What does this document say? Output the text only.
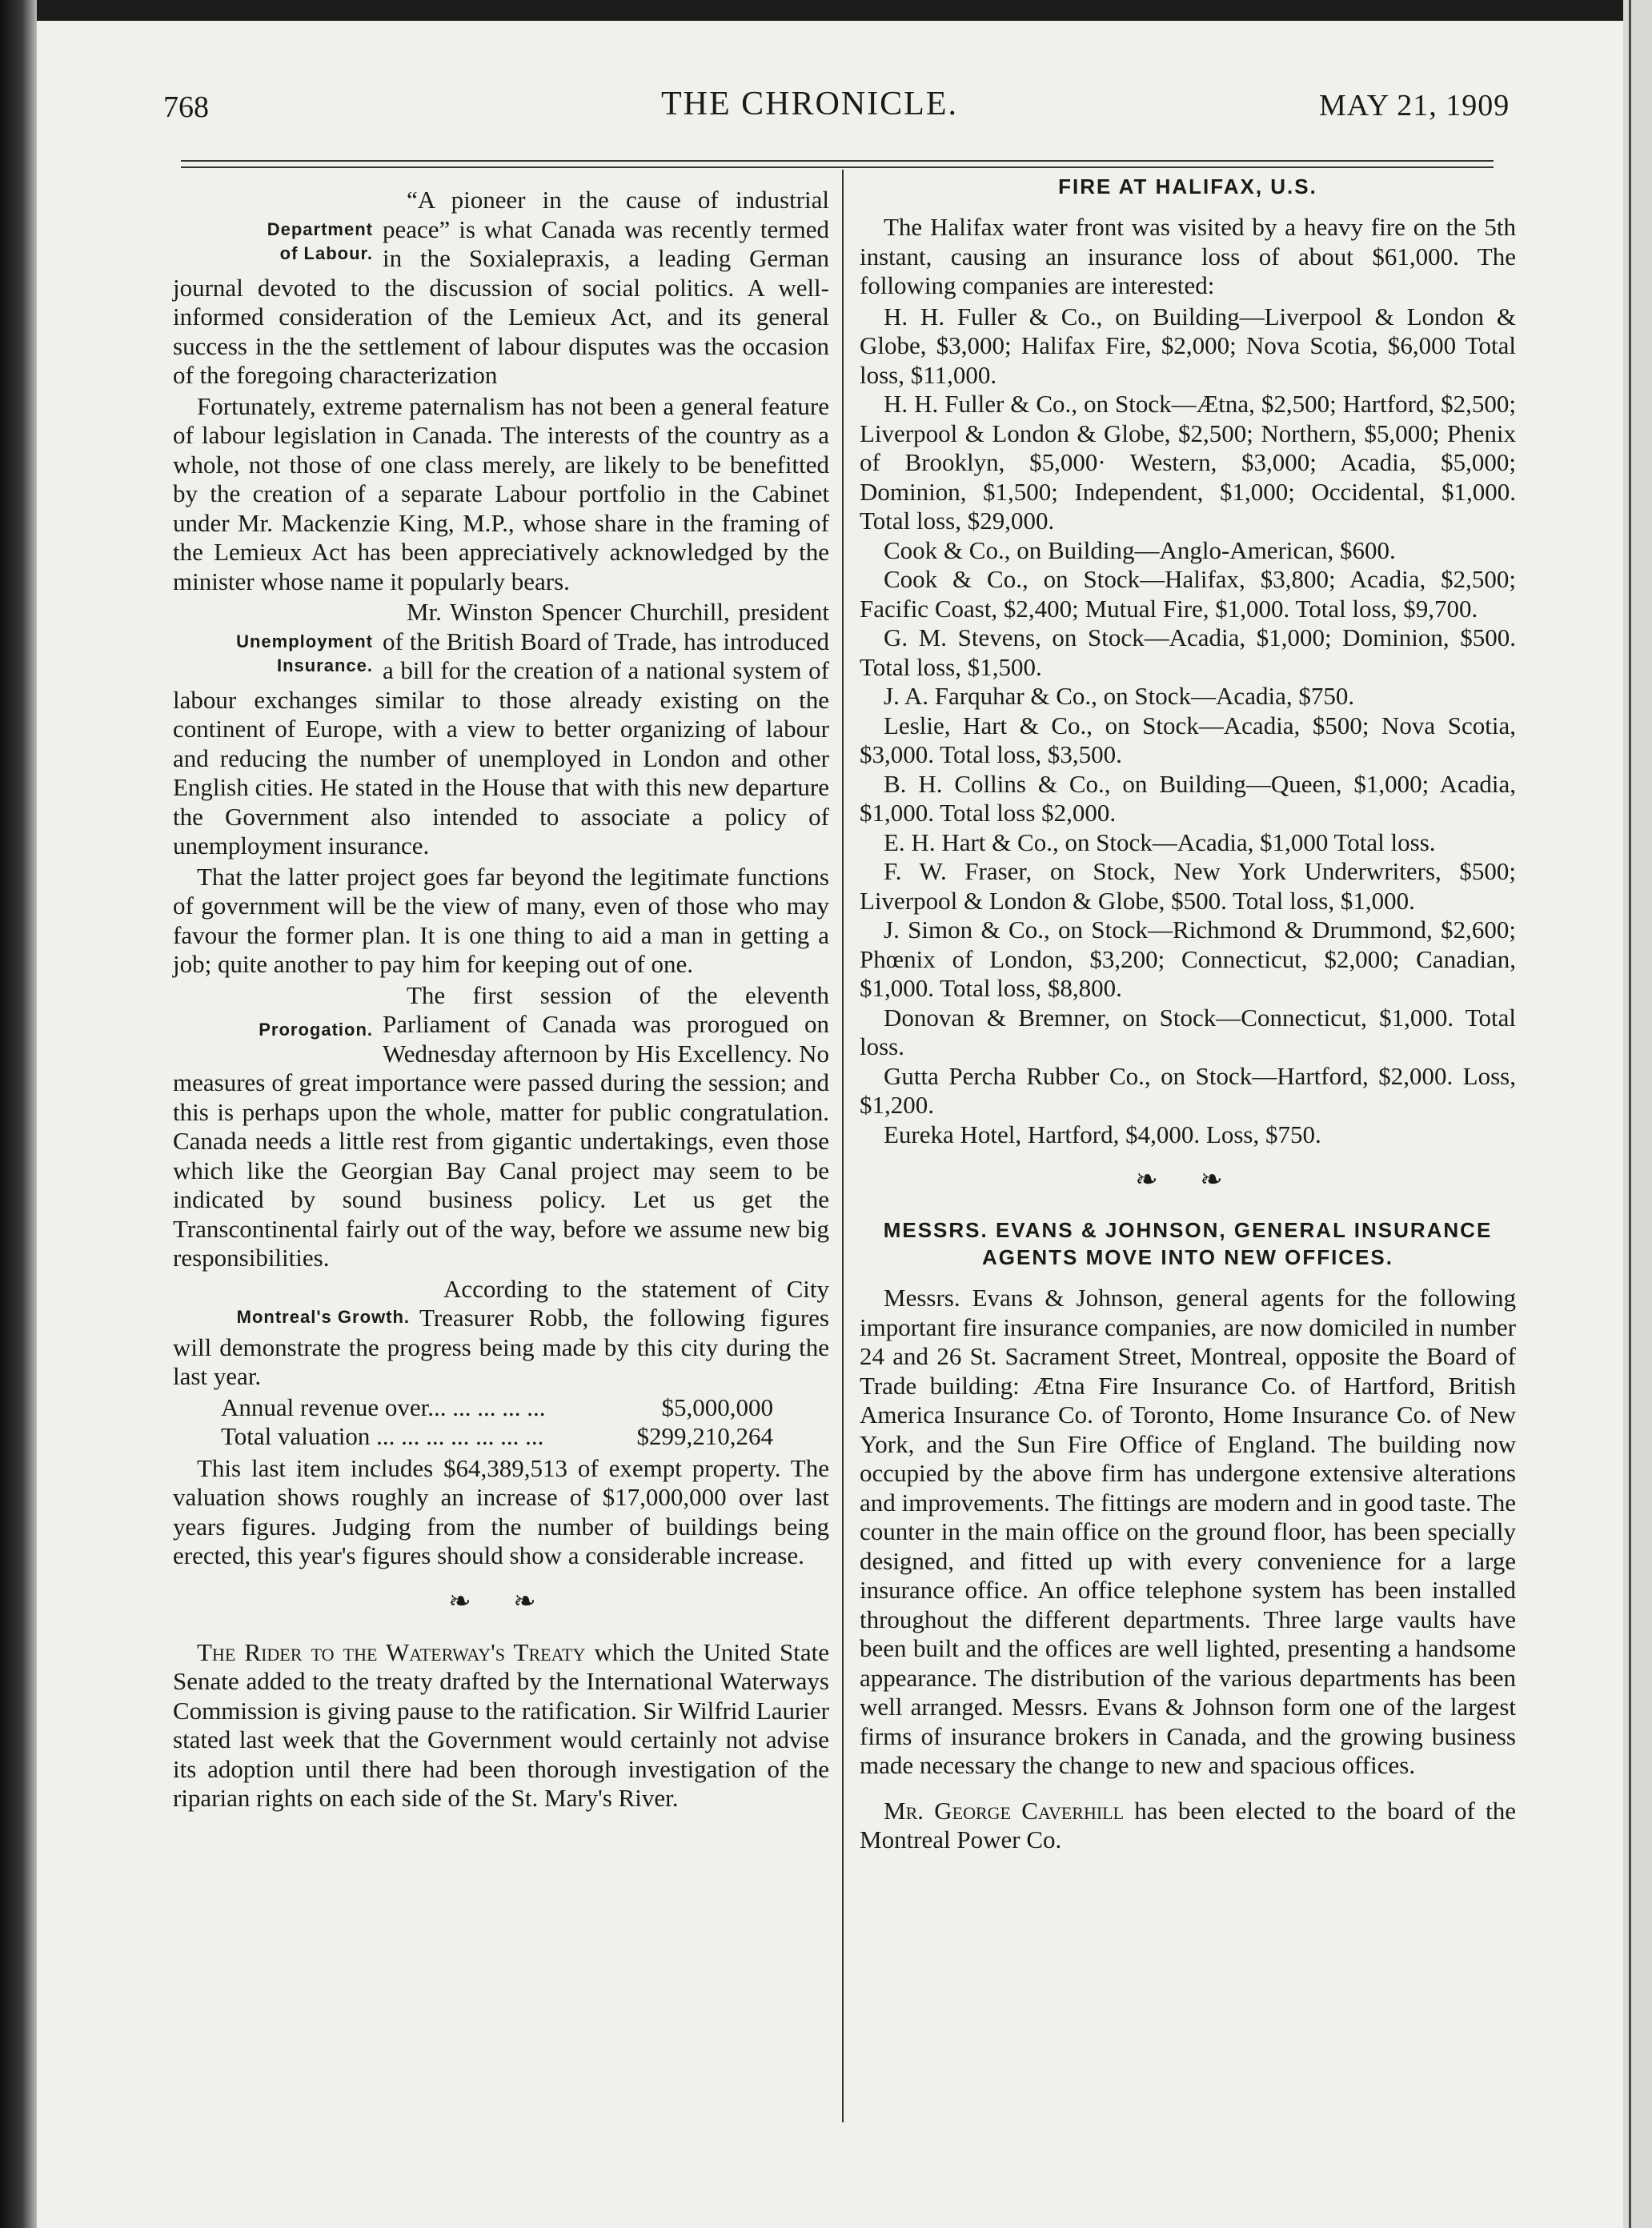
768	THE CHRONICLE.	MAY 21, 1909
Department
of Labour.

“A pioneer in the cause of industrial peace” is what Canada was recently termed in the Soxialepraxis, a leading German journal devoted to the discussion of social politics. A well-informed consideration of the Lemieux Act, and its general success in the the settlement of labour disputes was the occasion of the foregoing characterization

Fortunately, extreme paternalism has not been a general feature of labour legislation in Canada. The interests of the country as a whole, not those of one class merely, are likely to be benefitted by the creation of a separate Labour portfolio in the Cabinet under Mr. Mackenzie King, M.P., whose share in the framing of the Lemieux Act has been appreciatively acknowledged by the minister whose name it popularly bears.

Unemployment
Insurance.

Mr. Winston Spencer Churchill, president of the British Board of Trade, has introduced a bill for the creation of a national system of labour exchanges similar to those already existing on the continent of Europe, with a view to better organizing of labour and reducing the number of unemployed in London and other English cities. He stated in the House that with this new departure the Government also intended to associate a policy of unemployment insurance.

That the latter project goes far beyond the legitimate functions of government will be the view of many, even of those who may favour the former plan. It is one thing to aid a man in getting a job; quite another to pay him for keeping out of one.

Prorogation.

The first session of the eleventh Parliament of Canada was prorogued on Wednesday afternoon by His Excellency. No measures of great importance were passed during the session; and this is perhaps upon the whole, matter for public congratulation. Canada needs a little rest from gigantic undertakings, even those which like the Georgian Bay Canal project may seem to be indicated by sound business policy. Let us get the Transcontinental fairly out of the way, before we assume new big responsibilities.

Montreal's Growth.

According to the statement of City Treasurer Robb, the following figures will demonstrate the progress being made by this city during the last year.

Annual revenue over... ... ... ... ...	$5,000,000
Total valuation ... ... ... ... ... ... ...	$299,210,264

This last item includes $64,389,513 of exempt property. The valuation shows roughly an increase of $17,000,000 over last years figures. Judging from the number of buildings being erected, this year's figures should show a considerable increase.

❧ ❧

The Rider to the Waterway's Treaty which the United State Senate added to the treaty drafted by the International Waterways Commission is giving pause to the ratification. Sir Wilfrid Laurier stated last week that the Government would certainly not advise its adoption until there had been thorough investigation of the riparian rights on each side of the St. Mary's River.

FIRE AT HALIFAX, U.S.

The Halifax water front was visited by a heavy fire on the 5th instant, causing an insurance loss of about $61,000. The following companies are interested:

H. H. Fuller & Co., on Building—Liverpool & London & Globe, $3,000; Halifax Fire, $2,000; Nova Scotia, $6,000 Total loss, $11,000.

H. H. Fuller & Co., on Stock—Ætna, $2,500; Hartford, $2,500; Liverpool & London & Globe, $2,500; Northern, $5,000; Phenix of Brooklyn, $5,000· Western, $3,000; Acadia, $5,000; Dominion, $1,500; Independent, $1,000; Occidental, $1,000. Total loss, $29,000.

Cook & Co., on Building—Anglo-American, $600.

Cook & Co., on Stock—Halifax, $3,800; Acadia, $2,500; Facific Coast, $2,400; Mutual Fire, $1,000. Total loss, $9,700.

G. M. Stevens, on Stock—Acadia, $1,000; Dominion, $500. Total loss, $1,500.

J. A. Farquhar & Co., on Stock—Acadia, $750.

Leslie, Hart & Co., on Stock—Acadia, $500; Nova Scotia, $3,000. Total loss, $3,500.

B. H. Collins & Co., on Building—Queen, $1,000; Acadia, $1,000. Total loss $2,000.

E. H. Hart & Co., on Stock—Acadia, $1,000 Total loss.

F. W. Fraser, on Stock, New York Underwriters, $500; Liverpool & London & Globe, $500. Total loss, $1,000.

J. Simon & Co., on Stock—Richmond & Drummond, $2,600; Phœnix of London, $3,200; Connecticut, $2,000; Canadian, $1,000. Total loss, $8,800.

Donovan & Bremner, on Stock—Connecticut, $1,000. Total loss.

Gutta Percha Rubber Co., on Stock—Hartford, $2,000. Loss, $1,200.

Eureka Hotel, Hartford, $4,000. Loss, $750.

❧ ❧
MESSRS. EVANS & JOHNSON, GENERAL INSURANCE AGENTS MOVE INTO NEW OFFICES.

Messrs. Evans & Johnson, general agents for the following important fire insurance companies, are now domiciled in number 24 and 26 St. Sacrament Street, Montreal, opposite the Board of Trade building: Ætna Fire Insurance Co. of Hartford, British America Insurance Co. of Toronto, Home Insurance Co. of New York, and the Sun Fire Office of England. The building now occupied by the above firm has undergone extensive alterations and improvements. The fittings are modern and in good taste. The counter in the main office on the ground floor, has been specially designed, and fitted up with every convenience for a large insurance office. An office telephone system has been installed throughout the different departments. Three large vaults have been built and the offices are well lighted, presenting a handsome appearance. The distribution of the various departments has been well arranged. Messrs. Evans & Johnson form one of the largest firms of insurance brokers in Canada, and the growing business made necessary the change to new and spacious offices.

Mr. George Caverhill has been elected to the board of the Montreal Power Co.
